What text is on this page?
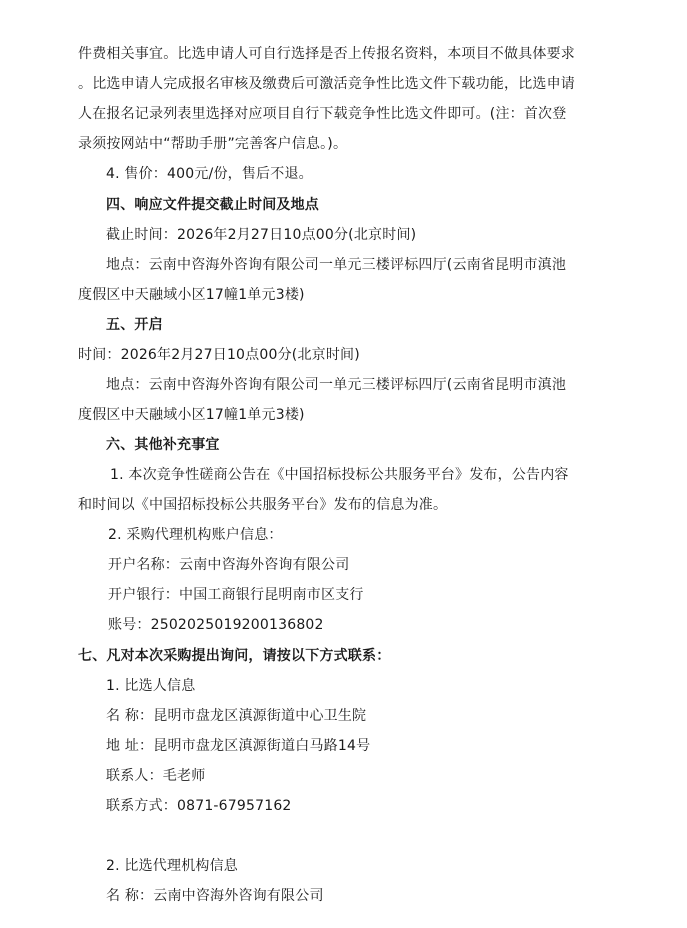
件费相关事宜。比选申请人可自行选择是否上传报名资料，本项目不做具体要求
。比选申请人完成报名审核及缴费后可激活竞争性比选文件下载功能，比选申请
人在报名记录列表里选择对应项目自行下载竞争性比选文件即可。(注：首次登
录须按网站中“帮助手册”完善客户信息。)。
4. 售价：400元/份，售后不退。
四、响应文件提交截止时间及地点
截止时间：2026年2月27日10点00分(北京时间)
地点：云南中咨海外咨询有限公司一单元三楼评标四厅(云南省昆明市滇池
度假区中天融域小区17幢1单元3楼)
五、开启
时间：2026年2月27日10点00分(北京时间)
地点：云南中咨海外咨询有限公司一单元三楼评标四厅(云南省昆明市滇池
度假区中天融域小区17幢1单元3楼)
六、其他补充事宜
1. 本次竞争性磋商公告在《中国招标投标公共服务平台》发布，公告内容
和时间以《中国招标投标公共服务平台》发布的信息为准。
2. 采购代理机构账户信息：
开户名称：云南中咨海外咨询有限公司
开户银行：中国工商银行昆明南市区支行
账号：2502025019200136802
七、凡对本次采购提出询问，请按以下方式联系：
1. 比选人信息
名 称：昆明市盘龙区滇源街道中心卫生院
地 址：昆明市盘龙区滇源街道白马路14号
联系人：毛老师
联系方式：0871-67957162
2. 比选代理机构信息
名 称：云南中咨海外咨询有限公司
